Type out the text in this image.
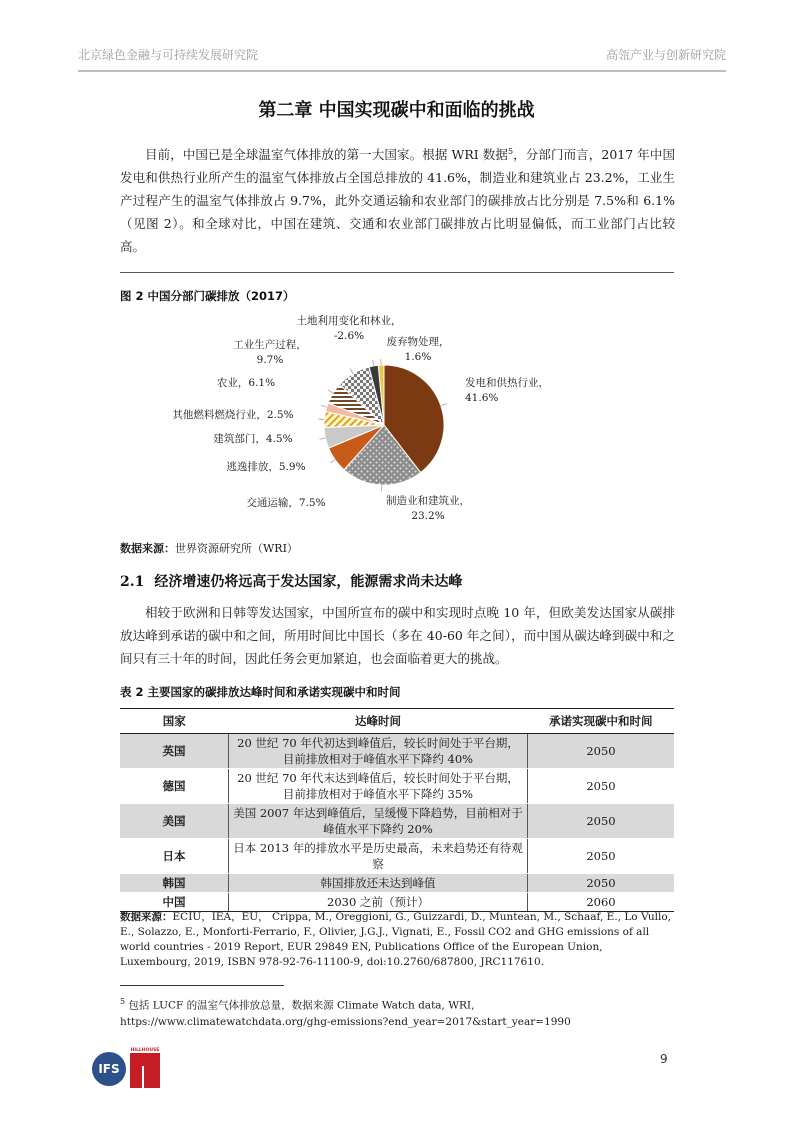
北京绿色金融与可持续发展研究院	高瓴产业与创新研究院
第二章 中国实现碳中和面临的挑战

目前，中国已是全球温室气体排放的第一大国家。根据 WRI 数据$^5$，分部门而言，2017 年中国发电和供热行业所产生的温室气体排放占全国总排放的 41.6%，制造业和建筑业占 23.2%，工业生产过程产生的温室气体排放占 9.7%，此外交通运输和农业部门的碳排放占比分别是 7.5%和 6.1%（见图 2）。和全球对比，中国在建筑、交通和农业部门碳排放占比明显偏低，而工业部门占比较高。

图 2 中国分部门碳排放（2017）
发电和供热行业， 41.6%
制造业和建筑业， 23.2%
交通运输，7.5%
逃逸排放，5.9%
建筑部门，4.5%
其他燃料燃烧行业，2.5%
农业，6.1%
工业生产过程， 9.7%
土地利用变化和林业，-2.6%	废弃物处理， 1.6%
数据来源：世界资源研究所（WRI）
2.1 经济增速仍将远高于发达国家，能源需求尚未达峰

相较于欧洲和日韩等发达国家，中国所宣布的碳中和实现时点晚 10 年，但欧美发达国家从碳排放达峰到承诺的碳中和之间，所用时间比中国长（多在 40-60 年之间），而中国从碳达峰到碳中和之间只有三十年的时间，因此任务会更加紧迫，也会面临着更大的挑战。

表 2 主要国家的碳排放达峰时间和承诺实现碳中和时间
国家	达峰时间	承诺实现碳中和时间
英国	20 世纪 70 年代初达到峰值后，较长时间处于平台期，目前排放相对于峰值水平下降约 40%	2050
德国	20 世纪 70 年代末达到峰值后，较长时间处于平台期，目前排放相对于峰值水平下降约 35%	2050
美国	美国 2007 年达到峰值后，呈缓慢下降趋势，目前相对于峰值水平下降约 20%	2050
日本	日本 2013 年的排放水平是历史最高，未来趋势还有待观察	2050
韩国	韩国排放还未达到峰值	2050
中国	2030 之前（预计）	2060
数据来源：ECIU，IEA，EU， Crippa, M., Oreggioni, G., Guizzardi, D., Muntean, M., Schaaf, E., Lo Vullo, E., Solazzo, E., Monforti-Ferrario, F., Olivier, J.G.J., Vignati, E., Fossil CO2 and GHG emissions of all world countries - 2019 Report, EUR 29849 EN, Publications Office of the European Union, Luxembourg, 2019, ISBN 978-92-76-11100-9, doi:10.2760/687800, JRC117610.
$^5$ 包括 LUCF 的温室气体排放总量，数据来源 Climate Watch data, WRI, https://www.climatewatchdata.org/ghg-emissions?end_year=2017&start_year=1990
IFS
HILLHOUSE
9
